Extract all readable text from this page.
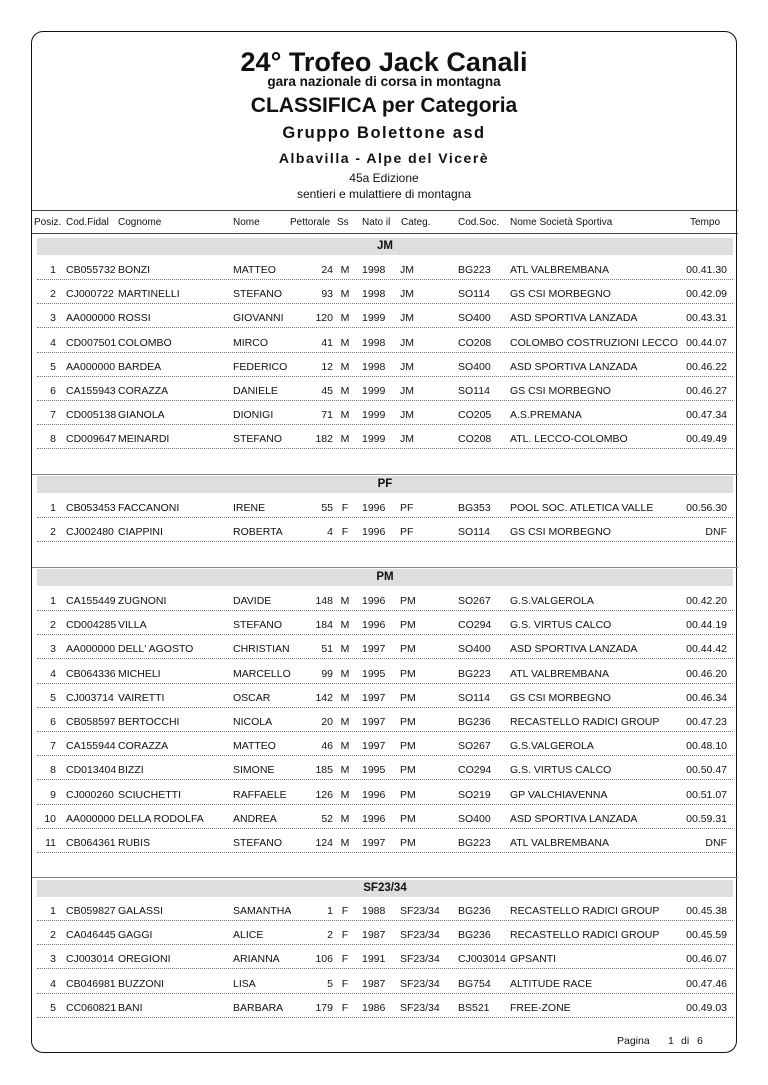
24° Trofeo Jack Canali
gara nazionale di corsa in montagna
CLASSIFICA per Categoria
Gruppo Bolettone asd
Albavilla - Alpe del Vicerè
45a Edizione
sentieri e mulattiere di montagna
Posiz. Cod.Fidal Cognome	Nome	Pettorale Ss Nato il Categ.	Cod.Soc. Nome Società Sportiva	Tempo
JM
1 CB055732 BONZI	MATTEO	24 M 1998	JM	BG223	ATL VALBREMBANA	00.41.30
2 CJ000722 MARTINELLI	STEFANO	93 M 1998	JM	SO114	GS CSI MORBEGNO	00.42.09
3 AA000000 ROSSI	GIOVANNI	120 M 1999	JM	SO400	ASD SPORTIVA LANZADA	00.43.31
4 CD007501 COLOMBO	MIRCO	41 M 1998	JM	CO208	COLOMBO COSTRUZIONI LECCO 00.44.07
5 AA000000 BARDEA	FEDERICO	12 M 1998	JM	SO400	ASD SPORTIVA LANZADA	00.46.22
6 CA155943 CORAZZA	DANIELE	45 M 1999	JM	SO114	GS CSI MORBEGNO	00.46.27
7 CD005138 GIANOLA	DIONIGI	71 M 1999	JM	CO205	A.S.PREMANA	00.47.34
8 CD009647 MEINARDI	STEFANO	182 M 1999	JM	CO208	ATL. LECCO-COLOMBO	00.49.49
PF
1 CB053453 FACCANONI	IRENE	55 F	1996	PF	BG353	POOL SOC. ATLETICA VALLE	00.56.30
2 CJ002480 CIAPPINI	ROBERTA	4 F	1996	PF	SO114	GS CSI MORBEGNO	DNF
PM
1 CA155449 ZUGNONI	DAVIDE	148 M 1996	PM	SO267	G.S.VALGEROLA	00.42.20
2 CD004285 VILLA	STEFANO	184 M 1996	PM	CO294	G.S. VIRTUS CALCO	00.44.19
3 AA000000 DELL' AGOSTO	CHRISTIAN	51 M 1997	PM	SO400	ASD SPORTIVA LANZADA	00.44.42
4 CB064336 MICHELI	MARCELLO	99 M 1995	PM	BG223	ATL VALBREMBANA	00.46.20
5 CJ003714 VAIRETTI	OSCAR	142 M 1997	PM	SO114	GS CSI MORBEGNO	00.46.34
6 CB058597 BERTOCCHI	NICOLA	20 M 1997	PM	BG236	RECASTELLO RADICI GROUP	00.47.23
7 CA155944 CORAZZA	MATTEO	46 M 1997	PM	SO267	G.S.VALGEROLA	00.48.10
8 CD013404 BIZZI	SIMONE	185 M 1995	PM	CO294	G.S. VIRTUS CALCO	00.50.47
9 CJ000260 SCIUCHETTI	RAFFAELE	126 M 1996	PM	SO219	GP VALCHIAVENNA	00.51.07
10 AA000000 DELLA RODOLFA	ANDREA	52 M 1996	PM	SO400	ASD SPORTIVA LANZADA	00.59.31
11 CB064361 RUBIS	STEFANO	124 M 1997	PM	BG223	ATL VALBREMBANA	DNF
SF23/34
1 CB059827 GALASSI	SAMANTHA	1 F	1988	SF23/34	BG236	RECASTELLO RADICI GROUP	00.45.38
2 CA046445 GAGGI	ALICE	2 F	1987	SF23/34	BG236	RECASTELLO RADICI GROUP	00.45.59
3 CJ003014 OREGIONI	ARIANNA	106 F	1991	SF23/34	CJ003014 GPSANTI	00.46.07
4 CB046981 BUZZONI	LISA	5 F	1987	SF23/34	BG754	ALTITUDE RACE	00.47.46
5 CC060821 BANI	BARBARA	179 F	1986	SF23/34	BS521	FREE-ZONE	00.49.03
Pagina 1 di 6
